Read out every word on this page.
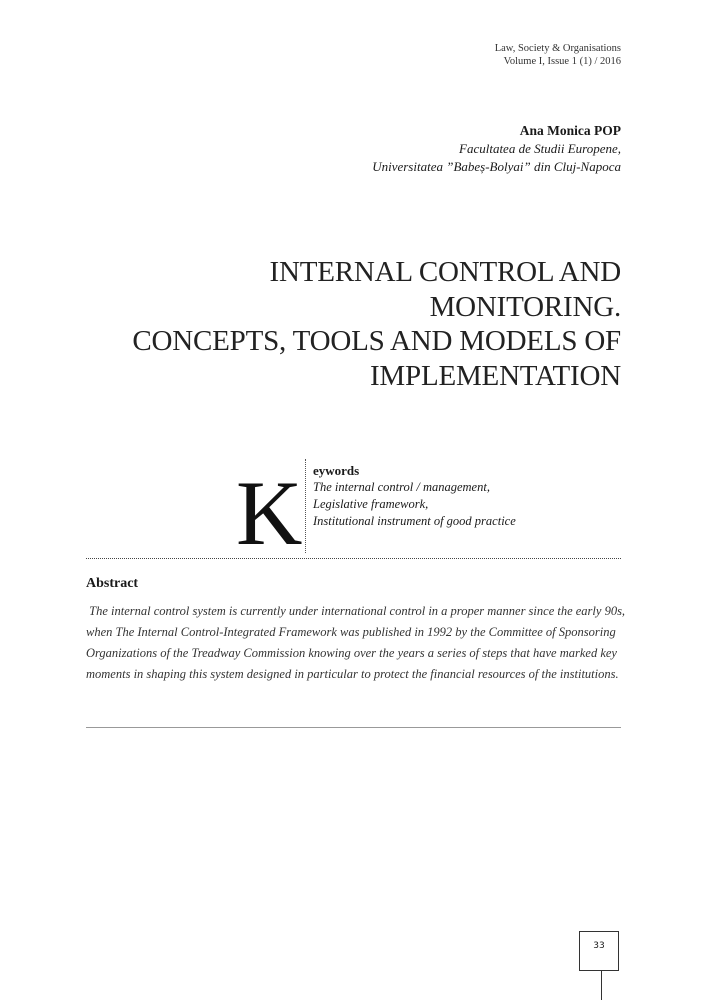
Law, Society & Organisations
Volume I, Issue 1 (1) / 2016
Ana Monica POP
Facultatea de Studii Europene,
Universitatea ”Babeș-Bolyai” din Cluj-Napoca
INTERNAL CONTROL AND
MONITORING.
CONCEPTS, TOOLS AND MODELS OF
IMPLEMENTATION
K eywords
The internal control / management,
Legislative framework,
Institutional instrument of good practice
Abstract
The internal control system is currently under international control in a proper manner since the early 90s,
when The Internal Control-Integrated Framework was published in 1992 by the Committee of Sponsoring
Organizations of the Treadway Commission knowing over the years a series of steps that have marked key
moments in shaping this system designed in particular to protect the financial resources of the institutions.
33
